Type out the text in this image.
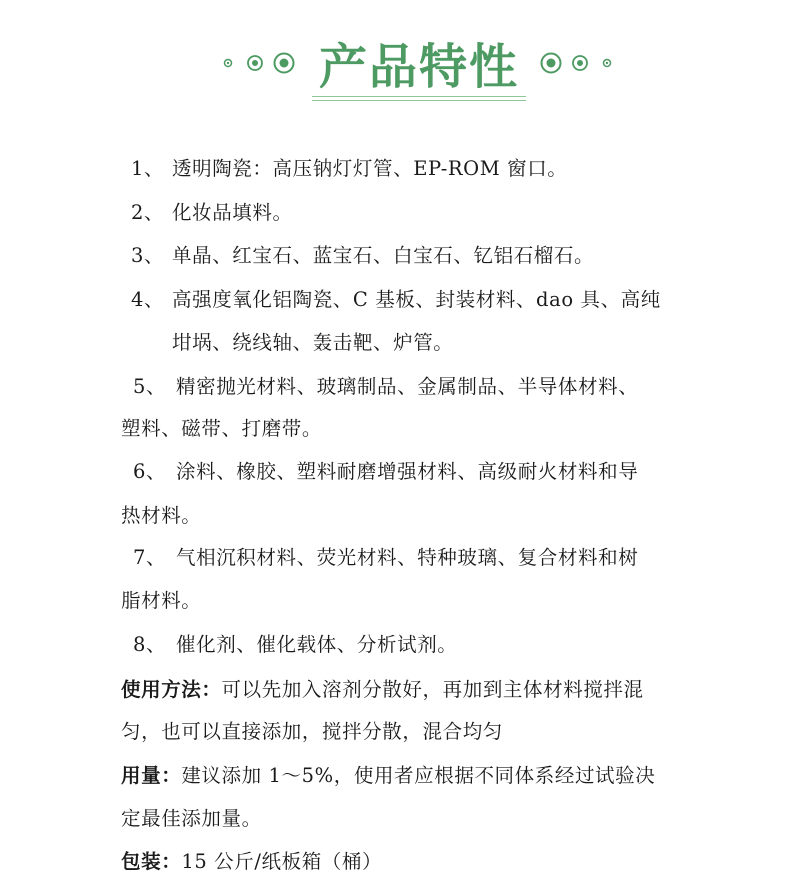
产品特性
1、 透明陶瓷：高压钠灯灯管、EP-ROM 窗口。
2、 化妆品填料。
3、 单晶、红宝石、蓝宝石、白宝石、钇铝石榴石。
4、 高强度氧化铝陶瓷、C 基板、封装材料、dao 具、高纯
坩埚、绕线轴、轰击靶、炉管。
5、 精密抛光材料、玻璃制品、金属制品、半导体材料、
塑料、磁带、打磨带。
6、 涂料、橡胶、塑料耐磨增强材料、高级耐火材料和导
热材料。
7、 气相沉积材料、荧光材料、特种玻璃、复合材料和树
脂材料。
8、 催化剂、催化载体、分析试剂。
使用方法：可以先加入溶剂分散好，再加到主体材料搅拌混
匀，也可以直接添加，搅拌分散，混合均匀
用量：建议添加 1～5%，使用者应根据不同体系经过试验决
定最佳添加量。
包装：15 公斤/纸板箱（桶）
